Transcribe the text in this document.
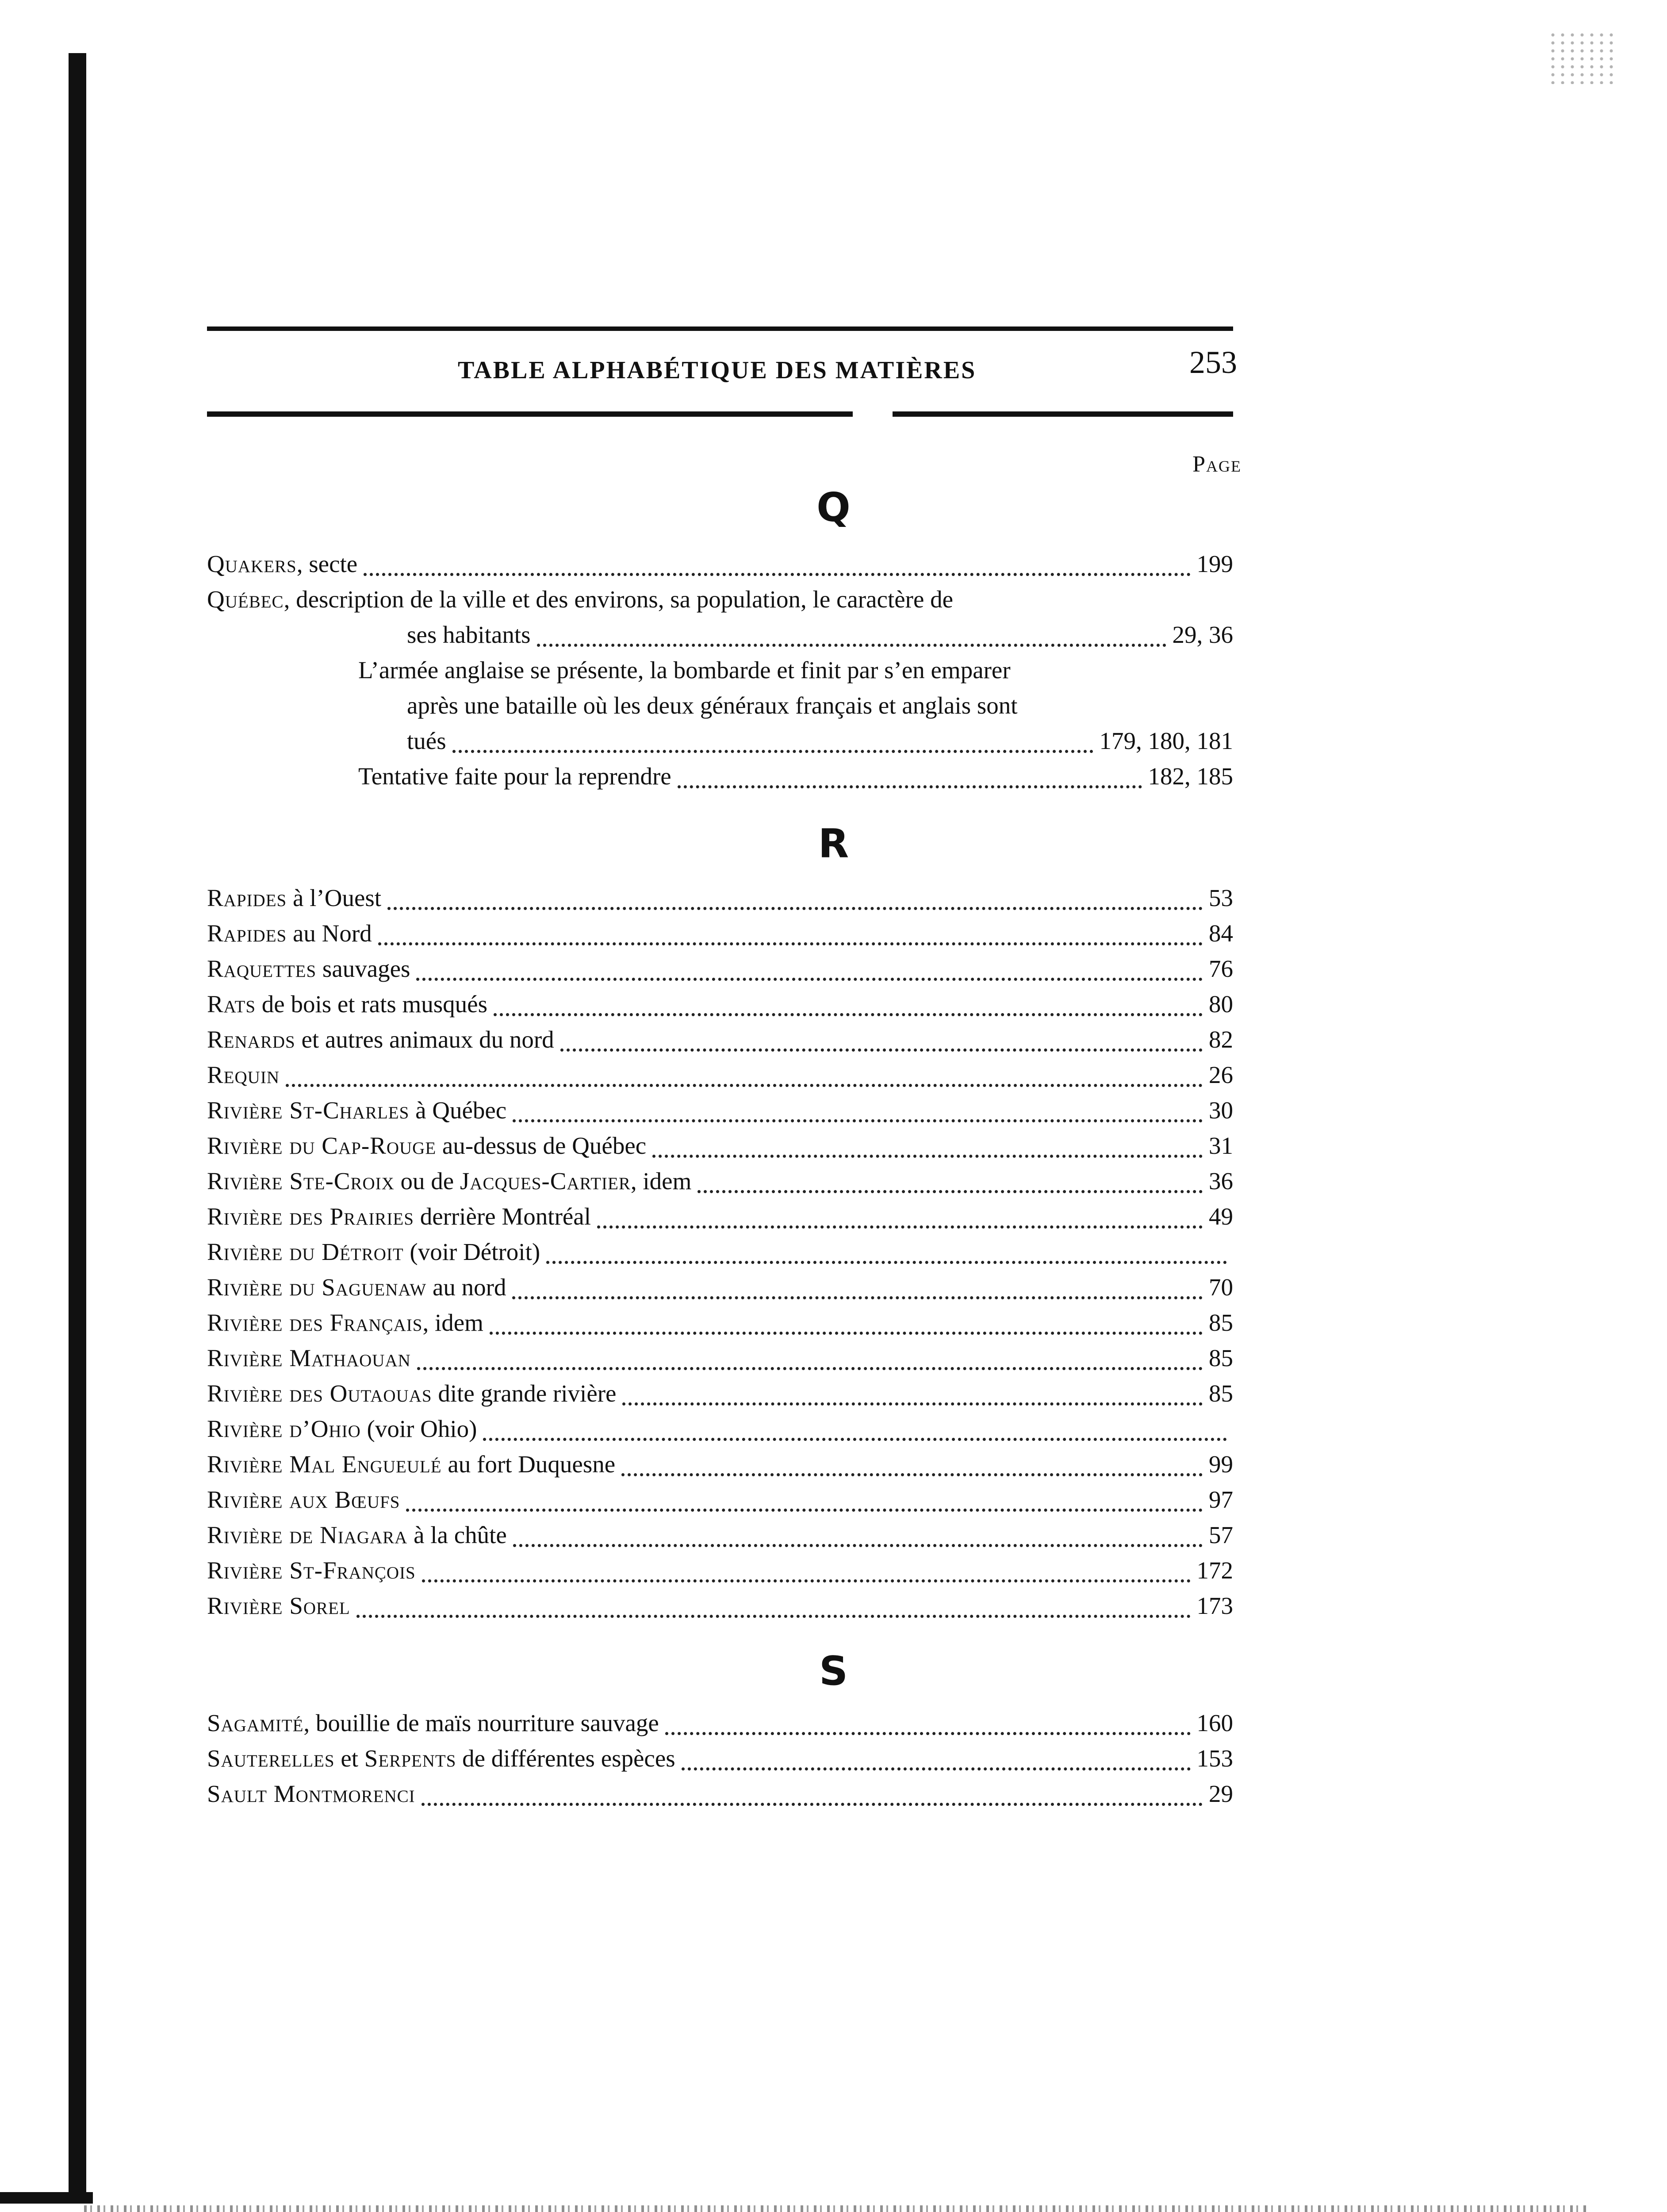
TABLE ALPHABÉTIQUE DES MATIÈRES	253
Page
Q
Quakers, secte	199
Québec, description de la ville et des environs, sa population, le caractère de
ses habitants	29, 36
L’armée anglaise se présente, la bombarde et finit par s’en emparer
après une bataille où les deux généraux français et anglais sont
tués	179, 180, 181
Tentative faite pour la reprendre	182, 185
R
Rapides à l’Ouest	53
Rapides au Nord	84
Raquettes sauvages	76
Rats de bois et rats musqués	80
Renards et autres animaux du nord	82
Requin	26
Rivière St-Charles à Québec	30
Rivière du Cap-Rouge au-dessus de Québec	31
Rivière Ste-Croix ou de Jacques-Cartier, idem	36
Rivière des Prairies derrière Montréal	49
Rivière du Détroit (voir Détroit)
Rivière du Saguenaw au nord	70
Rivière des Français, idem	85
Rivière Mathaouan	85
Rivière des Outaouas dite grande rivière	85
Rivière d’Ohio (voir Ohio)
Rivière Mal Engueulé au fort Duquesne	99
Rivière aux Bœufs	97
Rivière de Niagara à la chûte	57
Rivière St-François	172
Rivière Sorel	173
S
Sagamité, bouillie de maïs nourriture sauvage	160
Sauterelles et Serpents de différentes espèces	153
Sault Montmorenci	29
